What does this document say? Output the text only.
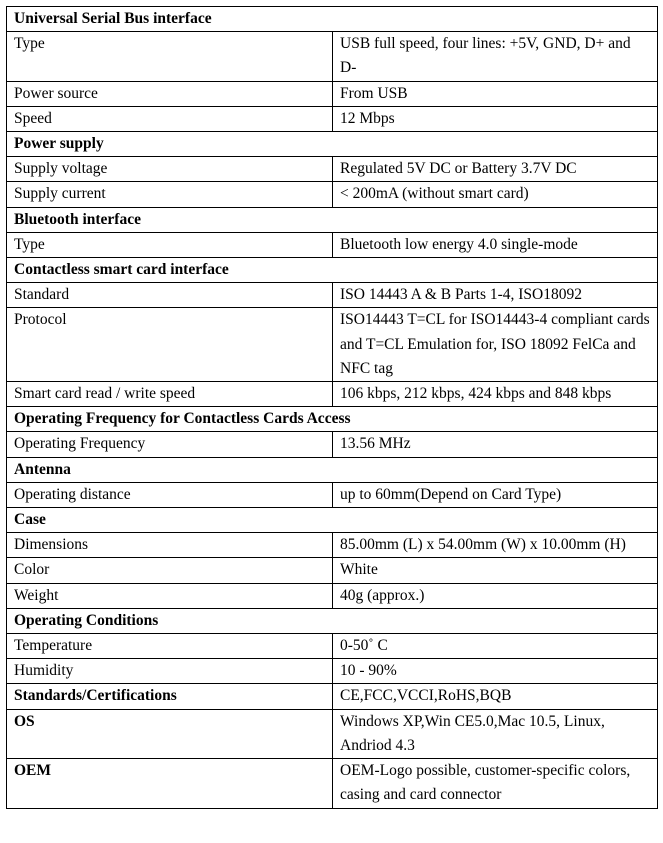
Universal Serial Bus interface	
Type	USB full speed, four lines: +5V, GND, D+ and D-
Power source	From USB
Speed	12 Mbps
Power supply	
Supply voltage	Regulated 5V DC or Battery 3.7V DC
Supply current	< 200mA (without smart card)
Bluetooth interface	
Type	Bluetooth low energy 4.0 single-mode
Contactless smart card interface	
Standard	ISO 14443 A & B Parts 1-4, ISO18092
Protocol	ISO14443 T=CL for ISO14443-4 compliant cards and T=CL Emulation for, ISO 18092 FelCa and NFC tag
Smart card read / write speed	106 kbps, 212 kbps, 424 kbps and 848 kbps
Operating Frequency for Contactless Cards Access	
Operating Frequency	13.56 MHz
Antenna	
Operating distance	up to 60mm(Depend on Card Type)
Case	
Dimensions	85.00mm (L) x 54.00mm (W) x 10.00mm (H)
Color	White
Weight	40g (approx.)
Operating Conditions	
Temperature	0-50˚ C
Humidity	10 - 90%
Standards/Certifications	CE,FCC,VCCI,RoHS,BQB
OS	Windows XP,Win CE5.0,Mac 10.5, Linux, Andriod 4.3
OEM	OEM-Logo possible, customer-specific colors, casing and card connector
